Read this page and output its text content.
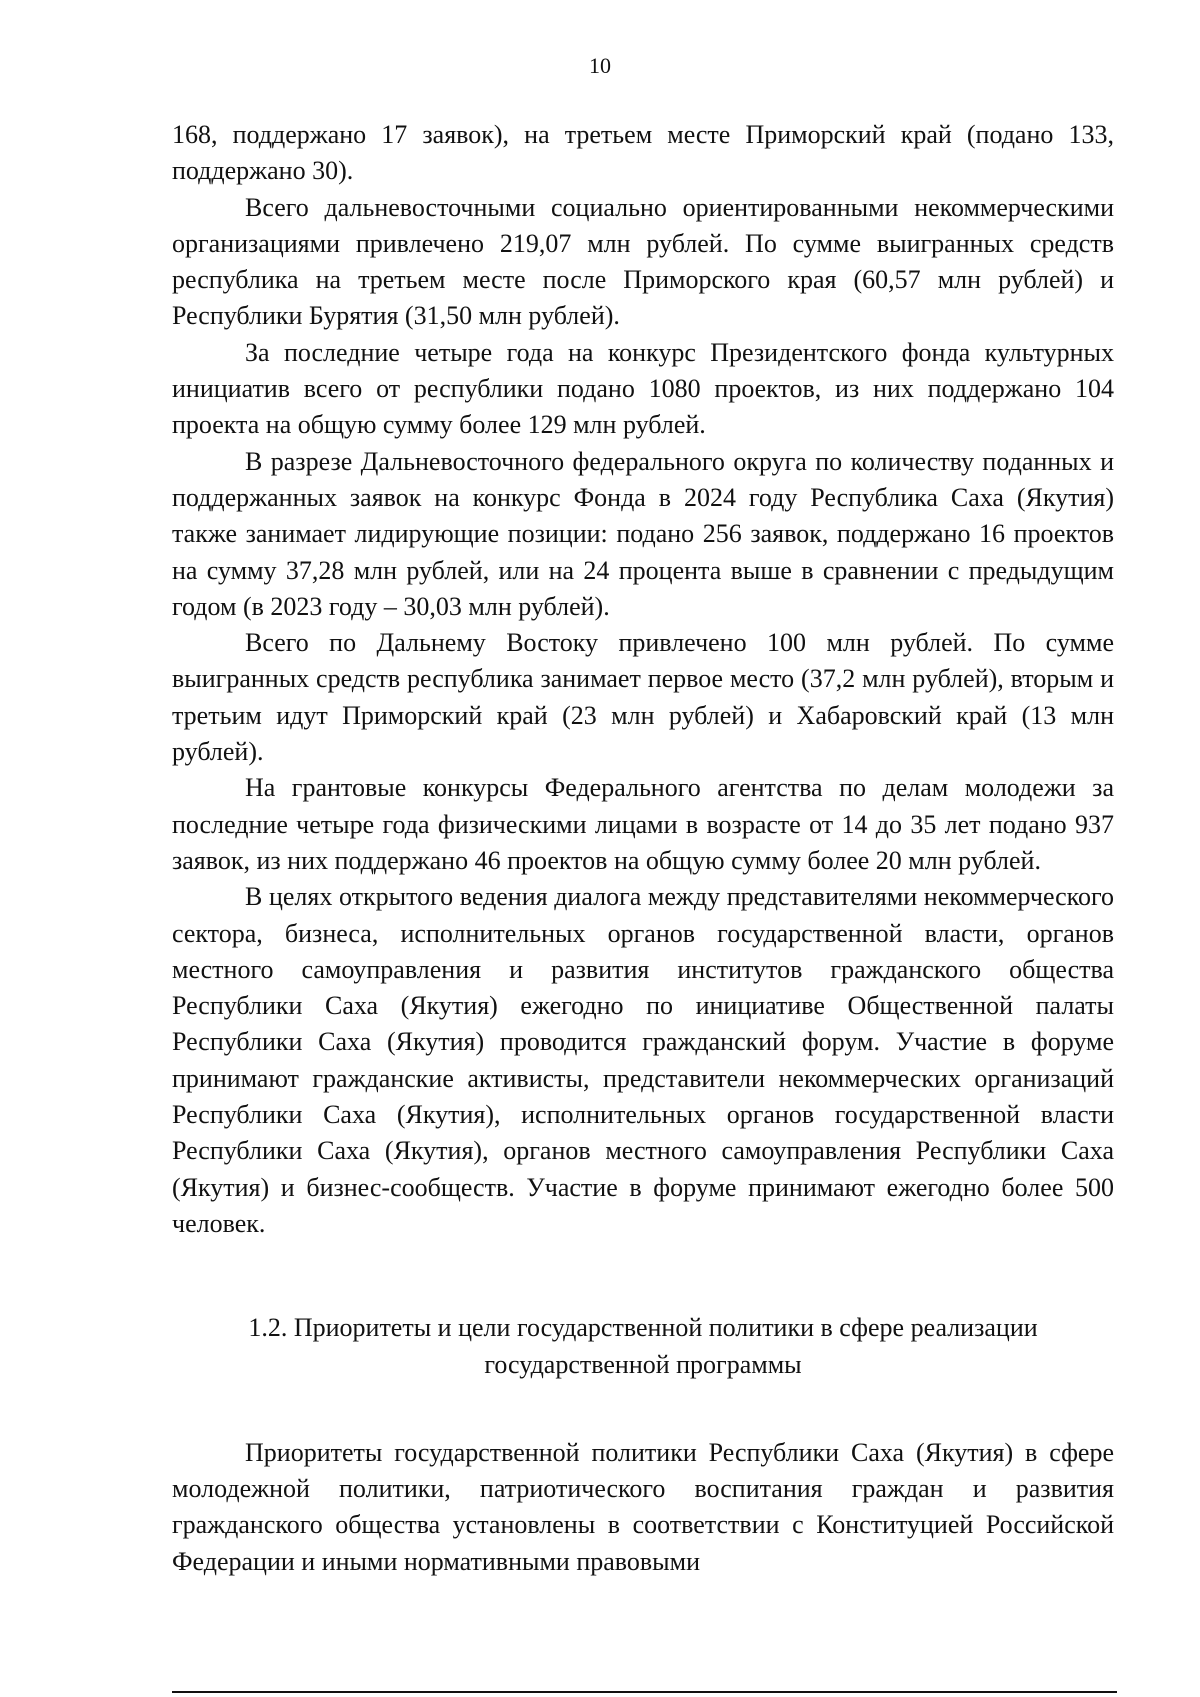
10

168, поддержано 17 заявок), на третьем месте Приморский край (подано 133, поддержано 30).

Всего дальневосточными социально ориентированными некоммерческими организациями привлечено 219,07 млн рублей. По сумме выигранных средств республика на третьем месте после Приморского края (60,57 млн рублей) и Республики Бурятия (31,50 млн рублей).

За последние четыре года на конкурс Президентского фонда культурных инициатив всего от республики подано 1080 проектов, из них поддержано 104 проекта на общую сумму более 129 млн рублей.

В разрезе Дальневосточного федерального округа по количеству поданных и поддержанных заявок на конкурс Фонда в 2024 году Республика Саха (Якутия) также занимает лидирующие позиции: подано 256 заявок, поддержано 16 проектов на сумму 37,28 млн рублей, или на 24 процента выше в сравнении с предыдущим годом (в 2023 году – 30,03 млн рублей).

Всего по Дальнему Востоку привлечено 100 млн рублей. По сумме выигранных средств республика занимает первое место (37,2 млн рублей), вторым и третьим идут Приморский край (23 млн рублей) и Хабаровский край (13 млн рублей).

На грантовые конкурсы Федерального агентства по делам молодежи за последние четыре года физическими лицами в возрасте от 14 до 35 лет подано 937 заявок, из них поддержано 46 проектов на общую сумму более 20 млн рублей.

В целях открытого ведения диалога между представителями некоммерческого сектора, бизнеса, исполнительных органов государственной власти, органов местного самоуправления и развития институтов гражданского общества Республики Саха (Якутия) ежегодно по инициативе Общественной палаты Республики Саха (Якутия) проводится гражданский форум. Участие в форуме принимают гражданские активисты, представители некоммерческих организаций Республики Саха (Якутия), исполнительных органов государственной власти Республики Саха (Якутия), органов местного самоуправления Республики Саха (Якутия) и бизнес-сообществ. Участие в форуме принимают ежегодно более 500 человек.

1.2. Приоритеты и цели государственной политики в сфере реализации
государственной программы

Приоритеты государственной политики Республики Саха (Якутия) в сфере молодежной политики, патриотического воспитания граждан и развития гражданского общества установлены в соответствии с Конституцией Российской Федерации и иными нормативными правовыми
